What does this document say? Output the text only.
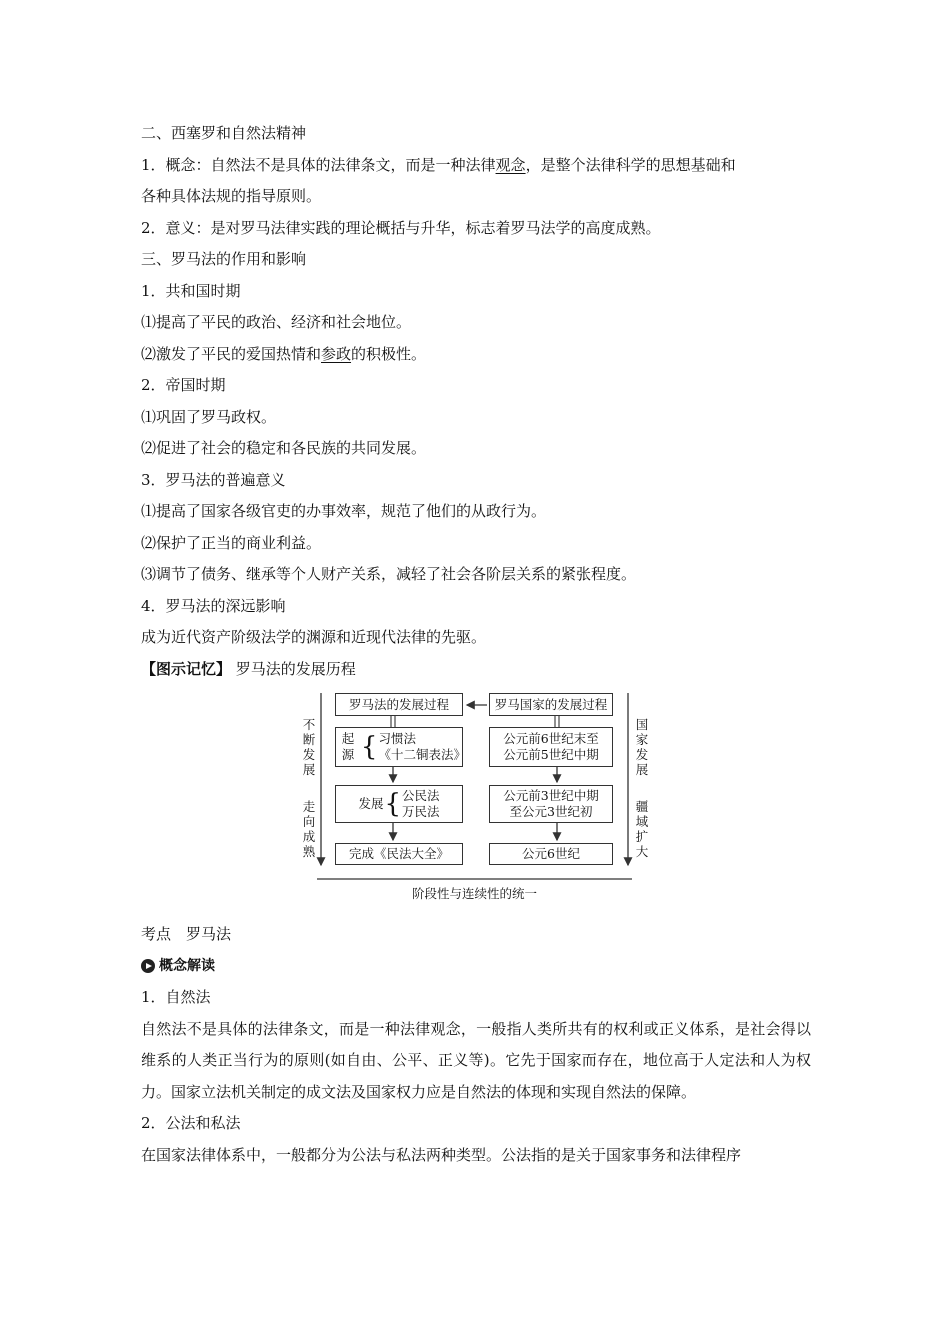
二、西塞罗和自然法精神
1．概念：自然法不是具体的法律条文，而是一种法律观念，是整个法律科学的思想基础和
各种具体法规的指导原则。
2．意义：是对罗马法律实践的理论概括与升华，标志着罗马法学的高度成熟。
三、罗马法的作用和影响
1．共和国时期
⑴提高了平民的政治、经济和社会地位。
⑵激发了平民的爱国热情和参政的积极性。
2．帝国时期
⑴巩固了罗马政权。
⑵促进了社会的稳定和各民族的共同发展。
3．罗马法的普遍意义
⑴提高了国家各级官吏的办事效率，规范了他们的从政行为。
⑵保护了正当的商业利益。
⑶调节了债务、继承等个人财产关系，减轻了社会各阶层关系的紧张程度。
4．罗马法的深远影响
成为近代资产阶级法学的渊源和近现代法律的先驱。
【图示记忆】 罗马法的发展历程
罗马法的发展过程	罗马国家的发展过程
起源 { 习惯法
《十二铜表法》
公元前6世纪末至
公元前5世纪中期
发展 { 公民法
万民法
公元前3世纪中期
至公元3世纪初
完成《民法大全》	公元6世纪
不
断
发
展
走
向
成
熟
国
家
发
展
疆
域
扩
大
阶段性与连续性的统一
考点　罗马法
概念解读
1．自然法
自然法不是具体的法律条文，而是一种法律观念，一般指人类所共有的权利或正义体系，是社会得以维系的人类正当行为的原则(如自由、公平、正义等)。它先于国家而存在，地位高于人定法和人为权力。国家立法机关制定的成文法及国家权力应是自然法的体现和实现自然法的保障。
2．公法和私法
在国家法律体系中，一般都分为公法与私法两种类型。公法指的是关于国家事务和法律程序
